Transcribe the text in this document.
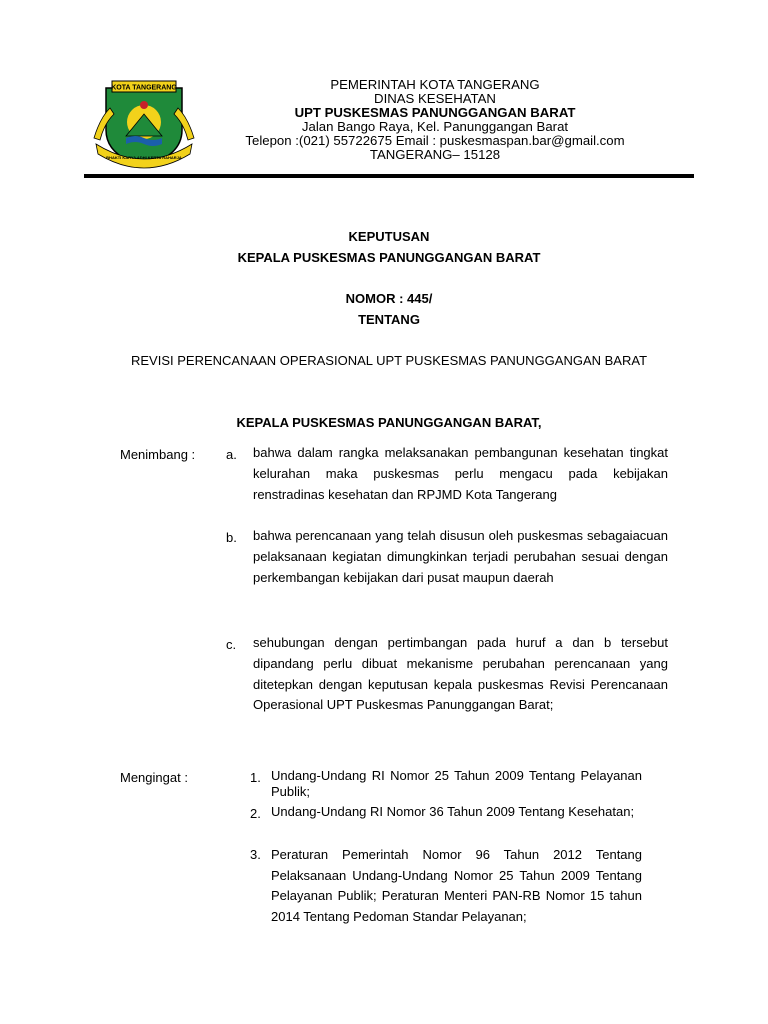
KOTA TANGERANG
BHAKTI KARYA ADHI KERTA RAHARJA
PEMERINTAH KOTA TANGERANG
DINAS KESEHATAN
UPT PUSKESMAS PANUNGGANGAN BARAT
Jalan Bango Raya, Kel. Panunggangan Barat
Telepon :(021) 55722675 Email : puskesmaspan.bar@gmail.com
TANGERANG– 15128
KEPUTUSAN
KEPALA PUSKESMAS PANUNGGANGAN BARAT
NOMOR : 445/
TENTANG
REVISI PERENCANAAN OPERASIONAL UPT PUSKESMAS PANUNGGANGAN BARAT
KEPALA PUSKESMAS PANUNGGANGAN BARAT,
Menimbang : a. bahwa dalam rangka melaksanakan pembangunan kesehatan tingkat kelurahan maka puskesmas perlu mengacu pada kebijakan renstradinas kesehatan dan RPJMD Kota Tangerang
b. bahwa perencanaan yang telah disusun oleh puskesmas sebagaiacuan pelaksanaan kegiatan dimungkinkan terjadi perubahan sesuai dengan perkembangan kebijakan dari pusat maupun daerah
c. sehubungan dengan pertimbangan pada huruf a dan b tersebut dipandang perlu dibuat mekanisme perubahan perencanaan yang ditetepkan dengan keputusan kepala puskesmas Revisi Perencanaan Operasional UPT Puskesmas Panunggangan Barat;
Mengingat :	1. Undang-Undang RI Nomor 25 Tahun 2009 Tentang Pelayanan Publik;
2. Undang-Undang RI Nomor 36 Tahun 2009 Tentang Kesehatan;
3. Peraturan Pemerintah Nomor 96 Tahun 2012 Tentang Pelaksanaan Undang-Undang Nomor 25 Tahun 2009 Tentang Pelayanan Publik; Peraturan Menteri PAN-RB Nomor 15 tahun 2014 Tentang Pedoman Standar Pelayanan;
